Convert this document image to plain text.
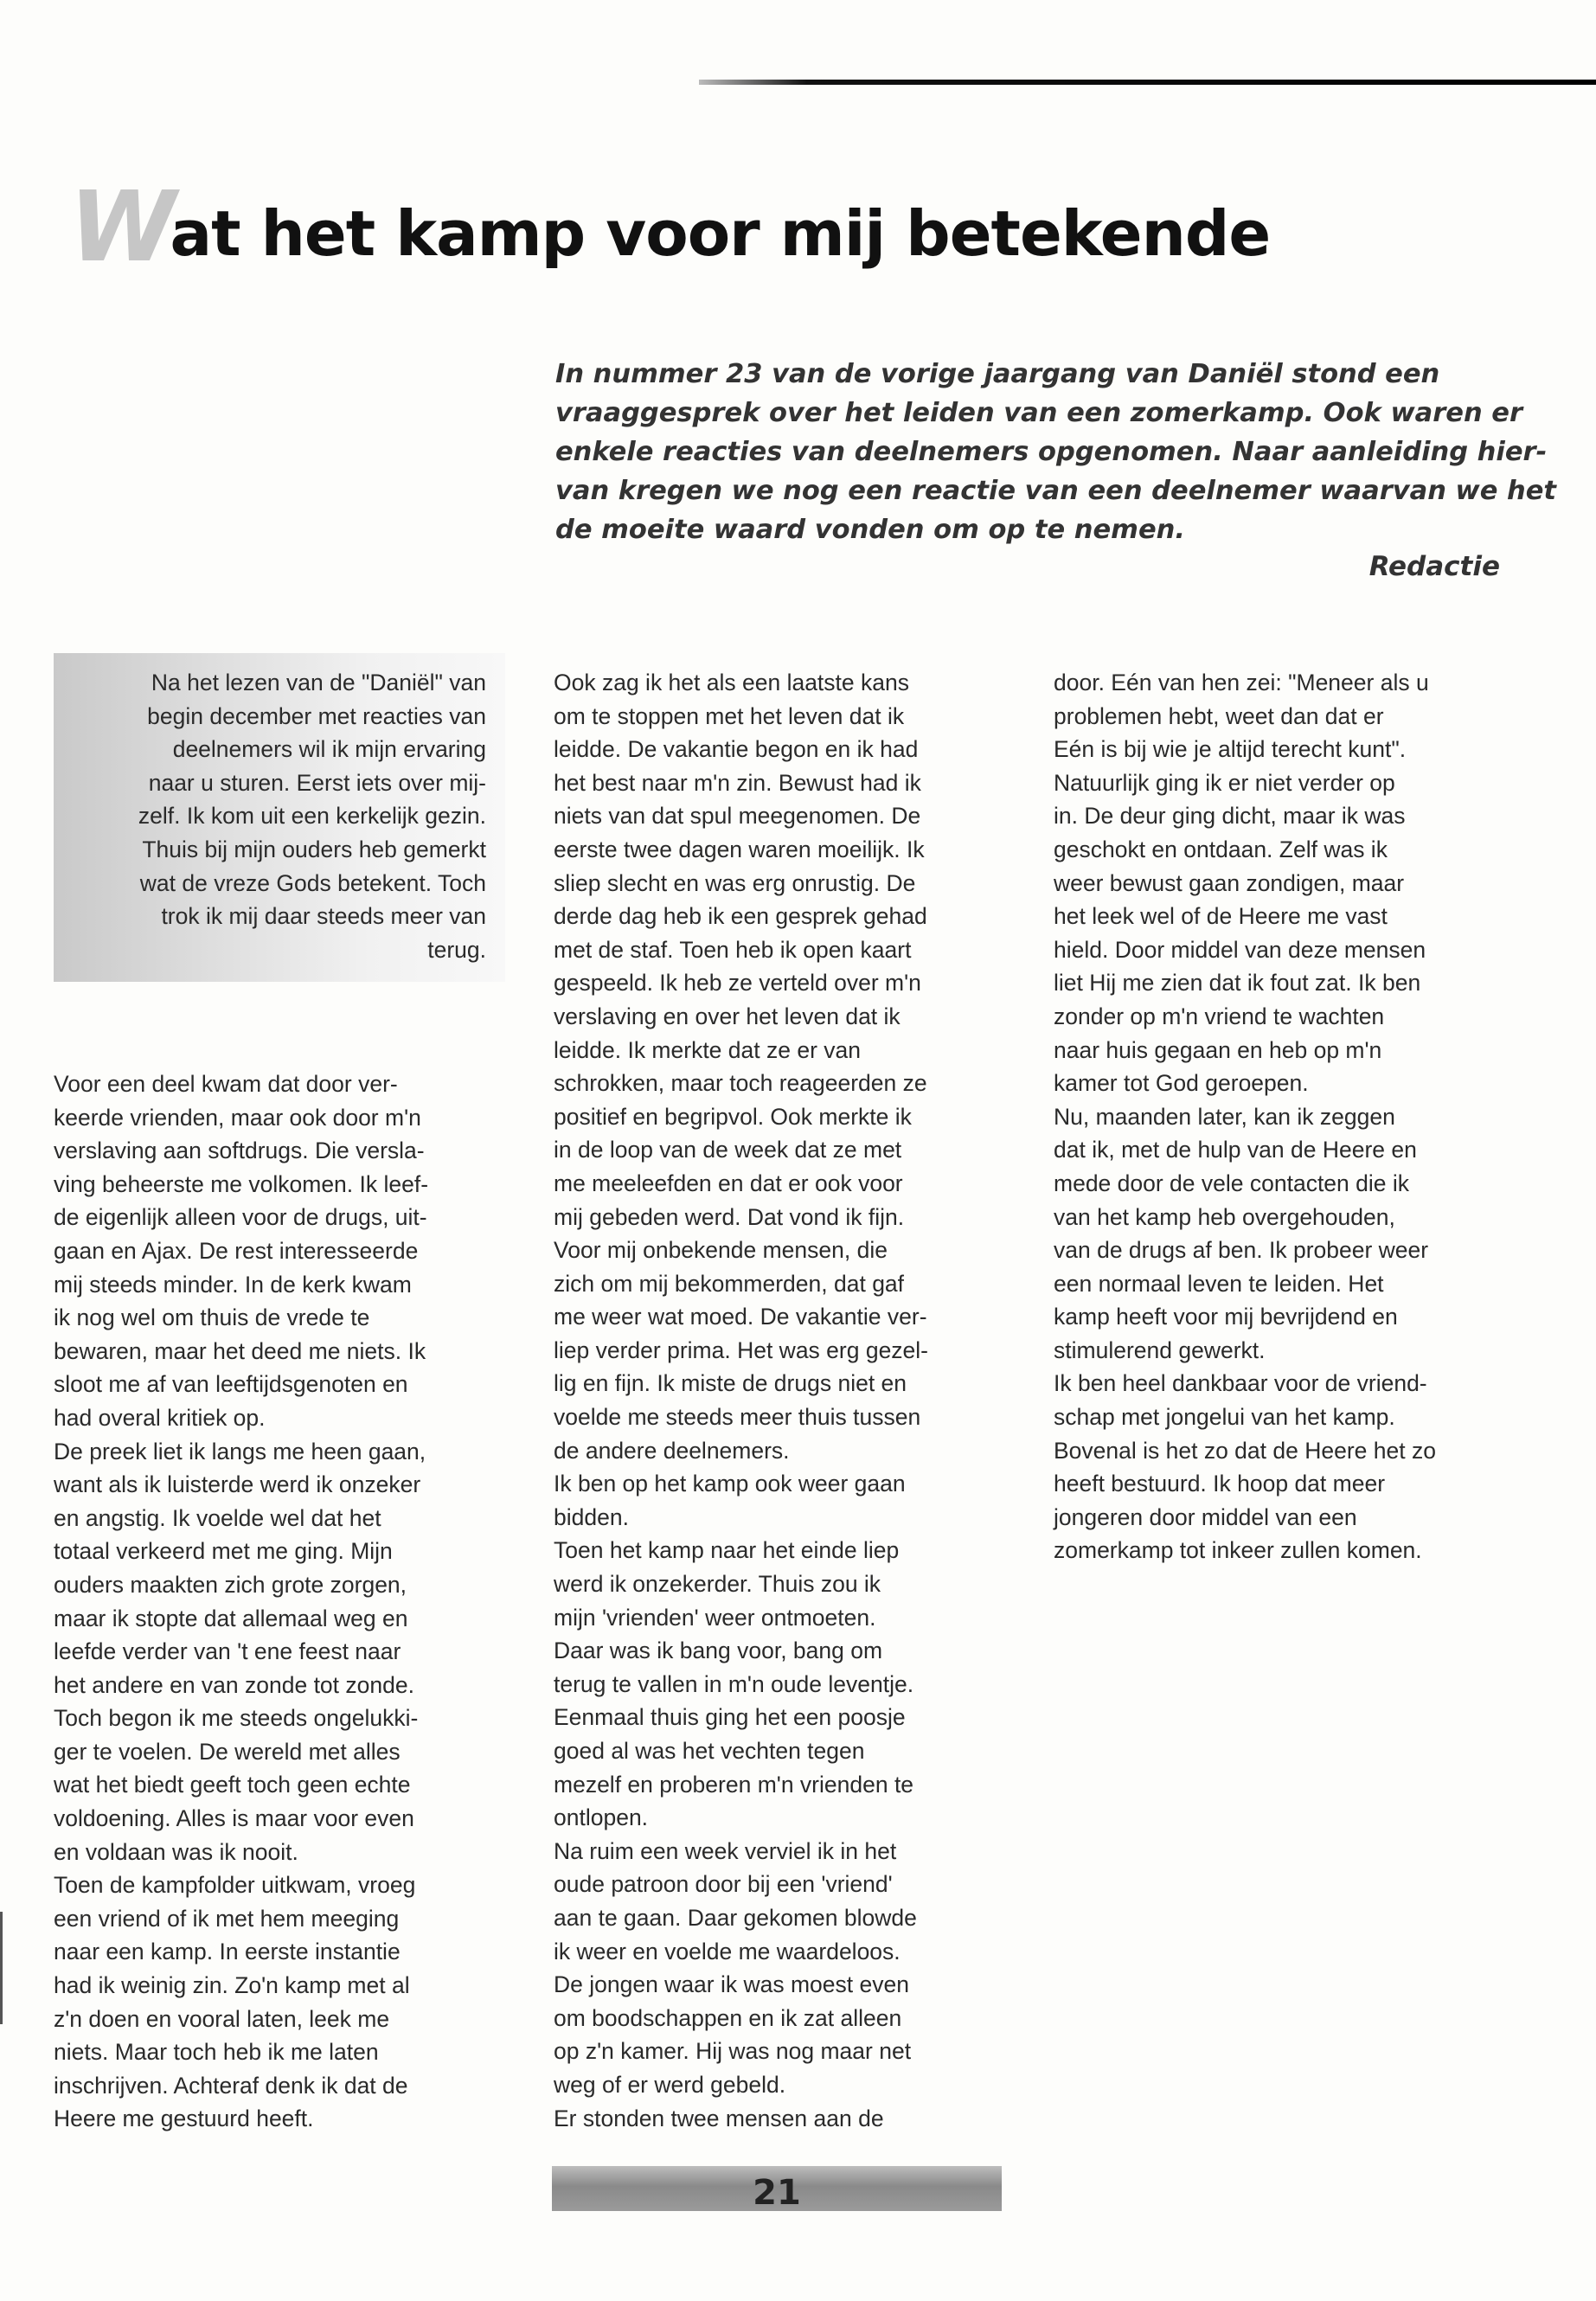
Wat het kamp voor mij betekende
In nummer 23 van de vorige jaargang van Daniël stond een
vraaggesprek over het leiden van een zomerkamp. Ook waren er
enkele reacties van deelnemers opgenomen. Naar aanleiding hier-
van kregen we nog een reactie van een deelnemer waarvan we het
de moeite waard vonden om op te nemen.
Redactie
Na het lezen van de "Daniël" van
begin december met reacties van
deelnemers wil ik mijn ervaring
naar u sturen. Eerst iets over mij-
zelf. Ik kom uit een kerkelijk gezin.
Thuis bij mijn ouders heb gemerkt
wat de vreze Gods betekent. Toch
trok ik mij daar steeds meer van
terug.
Voor een deel kwam dat door ver-
keerde vrienden, maar ook door m'n
verslaving aan softdrugs. Die versla-
ving beheerste me volkomen. Ik leef-
de eigenlijk alleen voor de drugs, uit-
gaan en Ajax. De rest interesseerde
mij steeds minder. In de kerk kwam
ik nog wel om thuis de vrede te
bewaren, maar het deed me niets. Ik
sloot me af van leeftijdsgenoten en
had overal kritiek op.
De preek liet ik langs me heen gaan,
want als ik luisterde werd ik onzeker
en angstig. Ik voelde wel dat het
totaal verkeerd met me ging. Mijn
ouders maakten zich grote zorgen,
maar ik stopte dat allemaal weg en
leefde verder van 't ene feest naar
het andere en van zonde tot zonde.
Toch begon ik me steeds ongelukki-
ger te voelen. De wereld met alles
wat het biedt geeft toch geen echte
voldoening. Alles is maar voor even
en voldaan was ik nooit.
Toen de kampfolder uitkwam, vroeg
een vriend of ik met hem meeging
naar een kamp. In eerste instantie
had ik weinig zin. Zo'n kamp met al
z'n doen en vooral laten, leek me
niets. Maar toch heb ik me laten
inschrijven. Achteraf denk ik dat de
Heere me gestuurd heeft.
Ook zag ik het als een laatste kans
om te stoppen met het leven dat ik
leidde. De vakantie begon en ik had
het best naar m'n zin. Bewust had ik
niets van dat spul meegenomen. De
eerste twee dagen waren moeilijk. Ik
sliep slecht en was erg onrustig. De
derde dag heb ik een gesprek gehad
met de staf. Toen heb ik open kaart
gespeeld. Ik heb ze verteld over m'n
verslaving en over het leven dat ik
leidde. Ik merkte dat ze er van
schrokken, maar toch reageerden ze
positief en begripvol. Ook merkte ik
in de loop van de week dat ze met
me meeleefden en dat er ook voor
mij gebeden werd. Dat vond ik fijn.
Voor mij onbekende mensen, die
zich om mij bekommerden, dat gaf
me weer wat moed. De vakantie ver-
liep verder prima. Het was erg gezel-
lig en fijn. Ik miste de drugs niet en
voelde me steeds meer thuis tussen
de andere deelnemers.
Ik ben op het kamp ook weer gaan
bidden.
Toen het kamp naar het einde liep
werd ik onzekerder. Thuis zou ik
mijn 'vrienden' weer ontmoeten.
Daar was ik bang voor, bang om
terug te vallen in m'n oude leventje.
Eenmaal thuis ging het een poosje
goed al was het vechten tegen
mezelf en proberen m'n vrienden te
ontlopen.
Na ruim een week verviel ik in het
oude patroon door bij een 'vriend'
aan te gaan. Daar gekomen blowde
ik weer en voelde me waardeloos.
De jongen waar ik was moest even
om boodschappen en ik zat alleen
op z'n kamer. Hij was nog maar net
weg of er werd gebeld.
Er stonden twee mensen aan de
door. Eén van hen zei: "Meneer als u
problemen hebt, weet dan dat er
Eén is bij wie je altijd terecht kunt".
Natuurlijk ging ik er niet verder op
in. De deur ging dicht, maar ik was
geschokt en ontdaan. Zelf was ik
weer bewust gaan zondigen, maar
het leek wel of de Heere me vast
hield. Door middel van deze mensen
liet Hij me zien dat ik fout zat. Ik ben
zonder op m'n vriend te wachten
naar huis gegaan en heb op m'n
kamer tot God geroepen.
Nu, maanden later, kan ik zeggen
dat ik, met de hulp van de Heere en
mede door de vele contacten die ik
van het kamp heb overgehouden,
van de drugs af ben. Ik probeer weer
een normaal leven te leiden. Het
kamp heeft voor mij bevrijdend en
stimulerend gewerkt.
Ik ben heel dankbaar voor de vriend-
schap met jongelui van het kamp.
Bovenal is het zo dat de Heere het zo
heeft bestuurd. Ik hoop dat meer
jongeren door middel van een
zomerkamp tot inkeer zullen komen.
21
